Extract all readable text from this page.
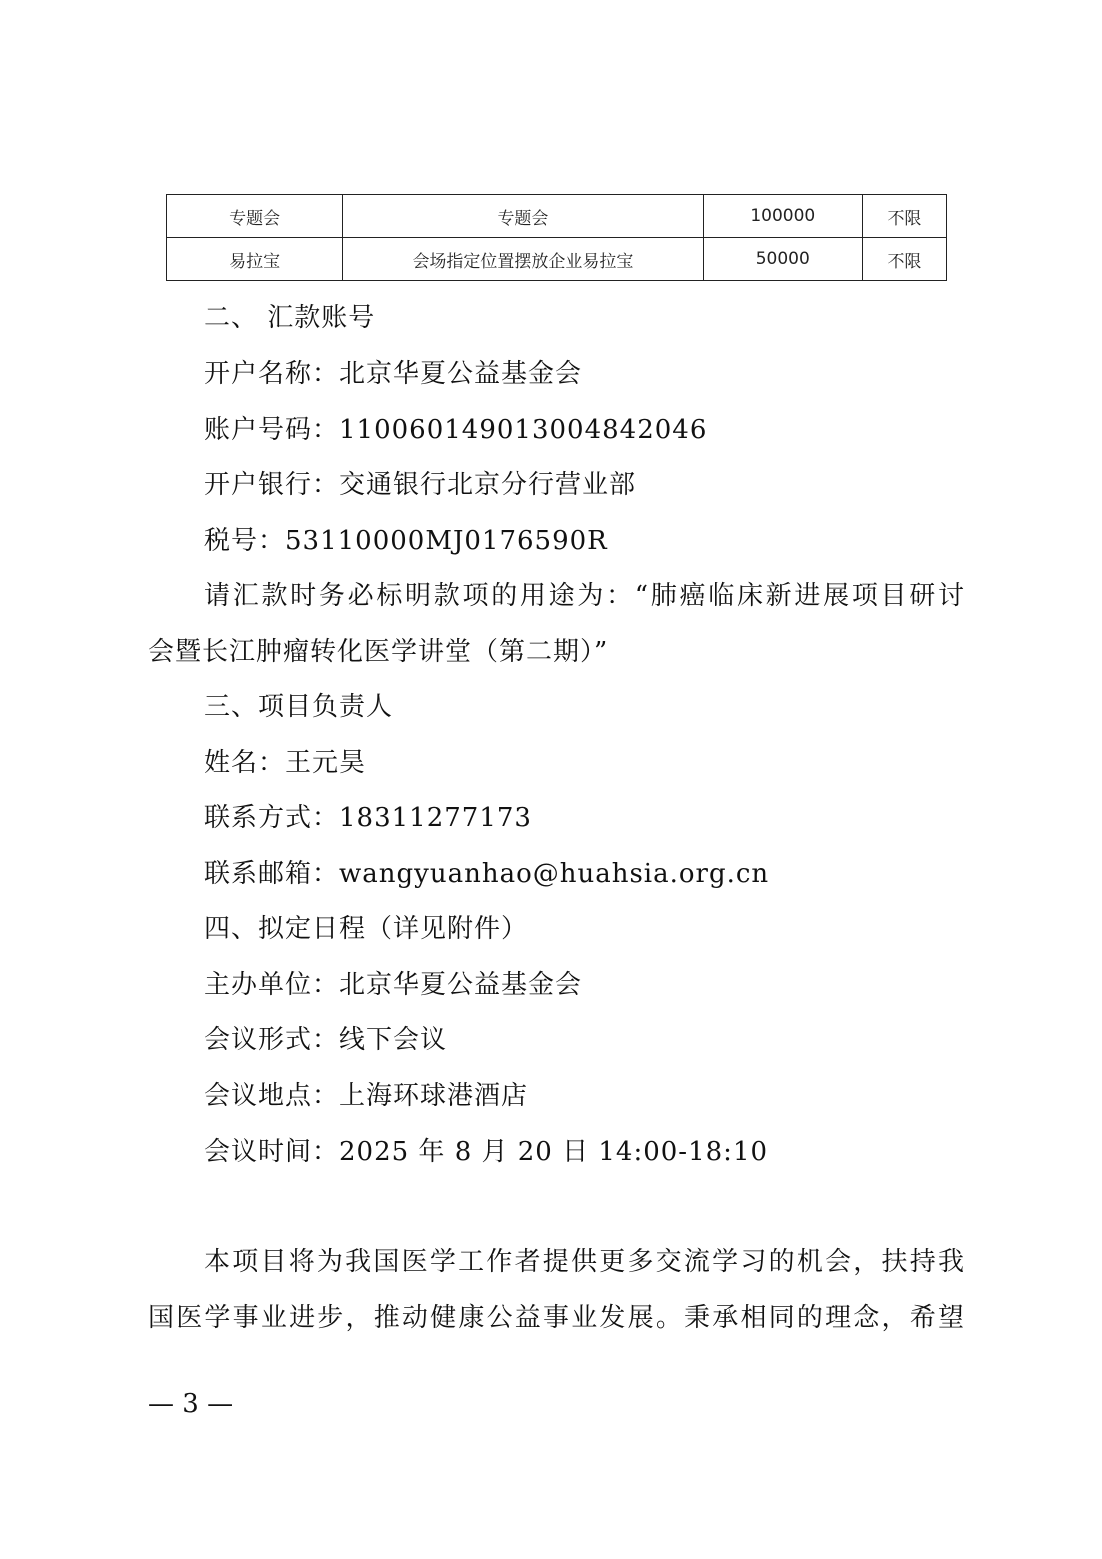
专题会	专题会	100000	不限
易拉宝	会场指定位置摆放企业易拉宝	50000	不限
二、 汇款账号
开户名称：北京华夏公益基金会
账户号码：110060149013004842046
开户银行：交通银行北京分行营业部
税号：53110000MJ0176590R
请汇款时务必标明款项的用途为：“肺癌临床新进展项目研讨
会暨长江肿瘤转化医学讲堂（第二期）”
三、项目负责人
姓名：王元昊
联系方式：18311277173
联系邮箱：wangyuanhao@huahsia.org.cn
四、拟定日程（详见附件）
主办单位：北京华夏公益基金会
会议形式：线下会议
会议地点：上海环球港酒店
会议时间：2025 年 8 月 20 日 14:00-18:10
本项目将为我国医学工作者提供更多交流学习的机会，扶持我
国医学事业进步，推动健康公益事业发展。秉承相同的理念，希望
— 3 —
